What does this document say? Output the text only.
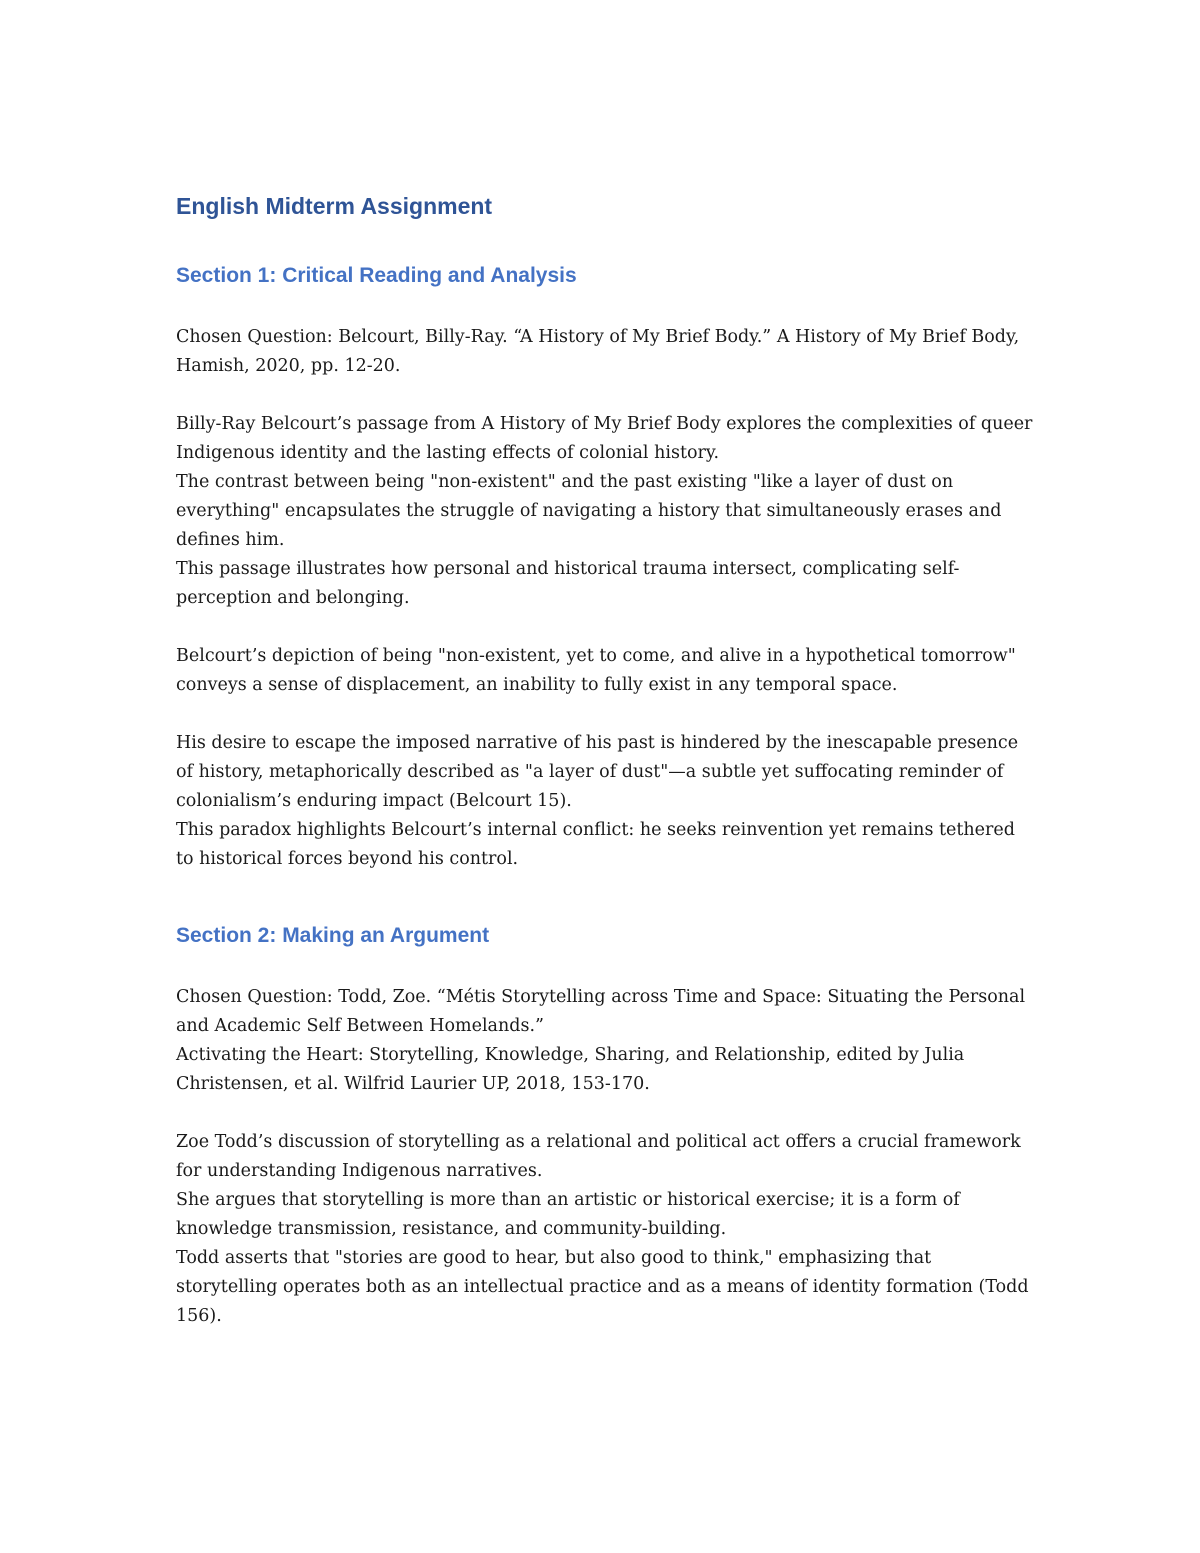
English Midterm Assignment
Section 1: Critical Reading and Analysis

Chosen Question: Belcourt, Billy-Ray. “A History of My Brief Body.” A History of My Brief Body, Hamish, 2020, pp. 12-20.

Billy-Ray Belcourt’s passage from A History of My Brief Body explores the complexities of queer Indigenous identity and the lasting effects of colonial history.
The contrast between being "non-existent" and the past existing "like a layer of dust on everything" encapsulates the struggle of navigating a history that simultaneously erases and defines him.
This passage illustrates how personal and historical trauma intersect, complicating self-perception and belonging.

Belcourt’s depiction of being "non-existent, yet to come, and alive in a hypothetical tomorrow" conveys a sense of displacement, an inability to fully exist in any temporal space.

His desire to escape the imposed narrative of his past is hindered by the inescapable presence of history, metaphorically described as "a layer of dust"—a subtle yet suffocating reminder of colonialism’s enduring impact (Belcourt 15).
This paradox highlights Belcourt’s internal conflict: he seeks reinvention yet remains tethered to historical forces beyond his control.

Section 2: Making an Argument

Chosen Question: Todd, Zoe. “Métis Storytelling across Time and Space: Situating the Personal and Academic Self Between Homelands.”
Activating the Heart: Storytelling, Knowledge, Sharing, and Relationship, edited by Julia Christensen, et al. Wilfrid Laurier UP, 2018, 153-170.

Zoe Todd’s discussion of storytelling as a relational and political act offers a crucial framework for understanding Indigenous narratives.
She argues that storytelling is more than an artistic or historical exercise; it is a form of knowledge transmission, resistance, and community-building.
Todd asserts that "stories are good to hear, but also good to think," emphasizing that storytelling operates both as an intellectual practice and as a means of identity formation (Todd 156).
